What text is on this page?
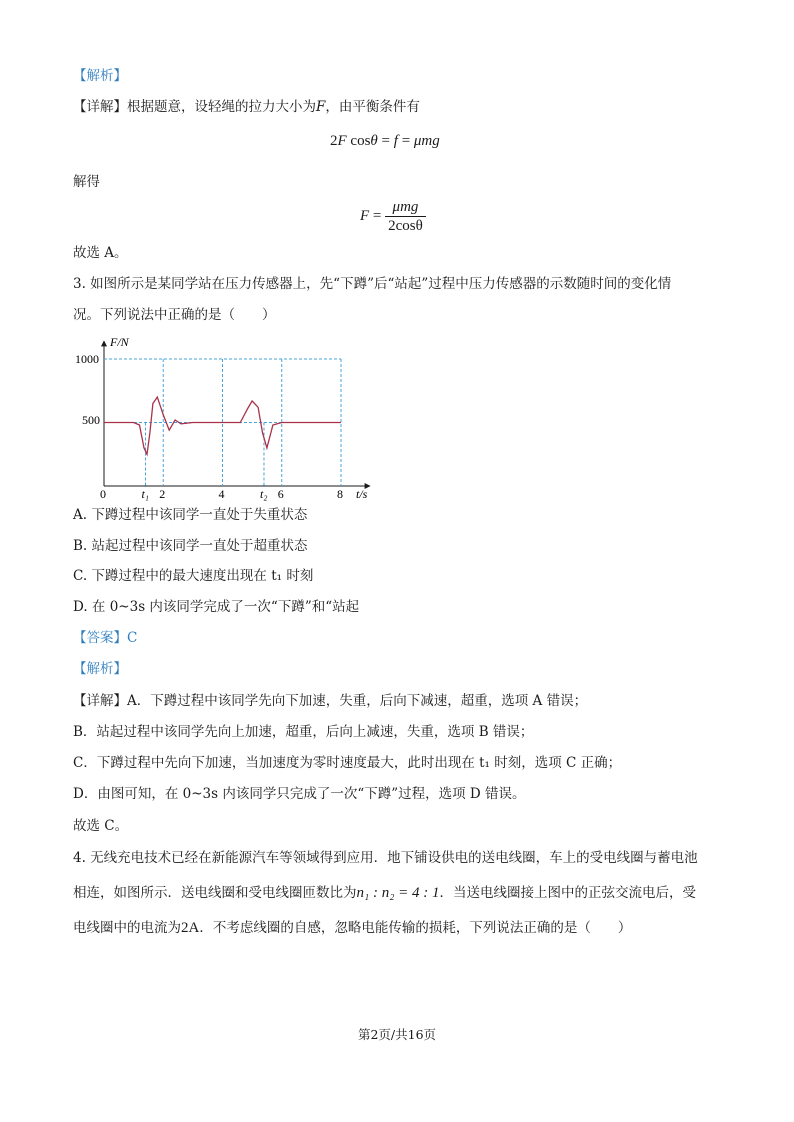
【解析】
【详解】根据题意，设轻绳的拉力大小为F，由平衡条件有
2F cosθ = f = μmg
解得
$F = \frac{\text{μmg}}{2\cos\theta}$
故选 A。
3. 如图所示是某同学站在压力传感器上，先“下蹲”后“站起”过程中压力传感器的示数随时间的变化情
况。下列说法中正确的是（　　）
F/N
t/s
1000
500
0	t₁ 2	4	t₂ 6	8
A. 下蹲过程中该同学一直处于失重状态
B. 站起过程中该同学一直处于超重状态
C. 下蹲过程中的最大速度出现在 t₁ 时刻
D. 在 0~3s 内该同学完成了一次“下蹲”和“站起
【答案】C
【解析】
【详解】A．下蹲过程中该同学先向下加速，失重，后向下减速，超重，选项 A 错误；
B．站起过程中该同学先向上加速，超重，后向上减速，失重，选项 B 错误；
C．下蹲过程中先向下加速，当加速度为零时速度最大，此时出现在 t₁ 时刻，选项 C 正确；
D．由图可知，在 0~3s 内该同学只完成了一次“下蹲”过程，选项 D 错误。
故选 C。
4. 无线充电技术已经在新能源汽车等领域得到应用．地下铺设供电的送电线圈，车上的受电线圈与蓄电池
相连，如图所示．送电线圈和受电线圈匝数比为n₁ : n₂ = 4 : 1．当送电线圈接上图中的正弦交流电后，受
电线圈中的电流为2A．不考虑线圈的自感，忽略电能传输的损耗，下列说法正确的是（　　）
第2页/共16页
